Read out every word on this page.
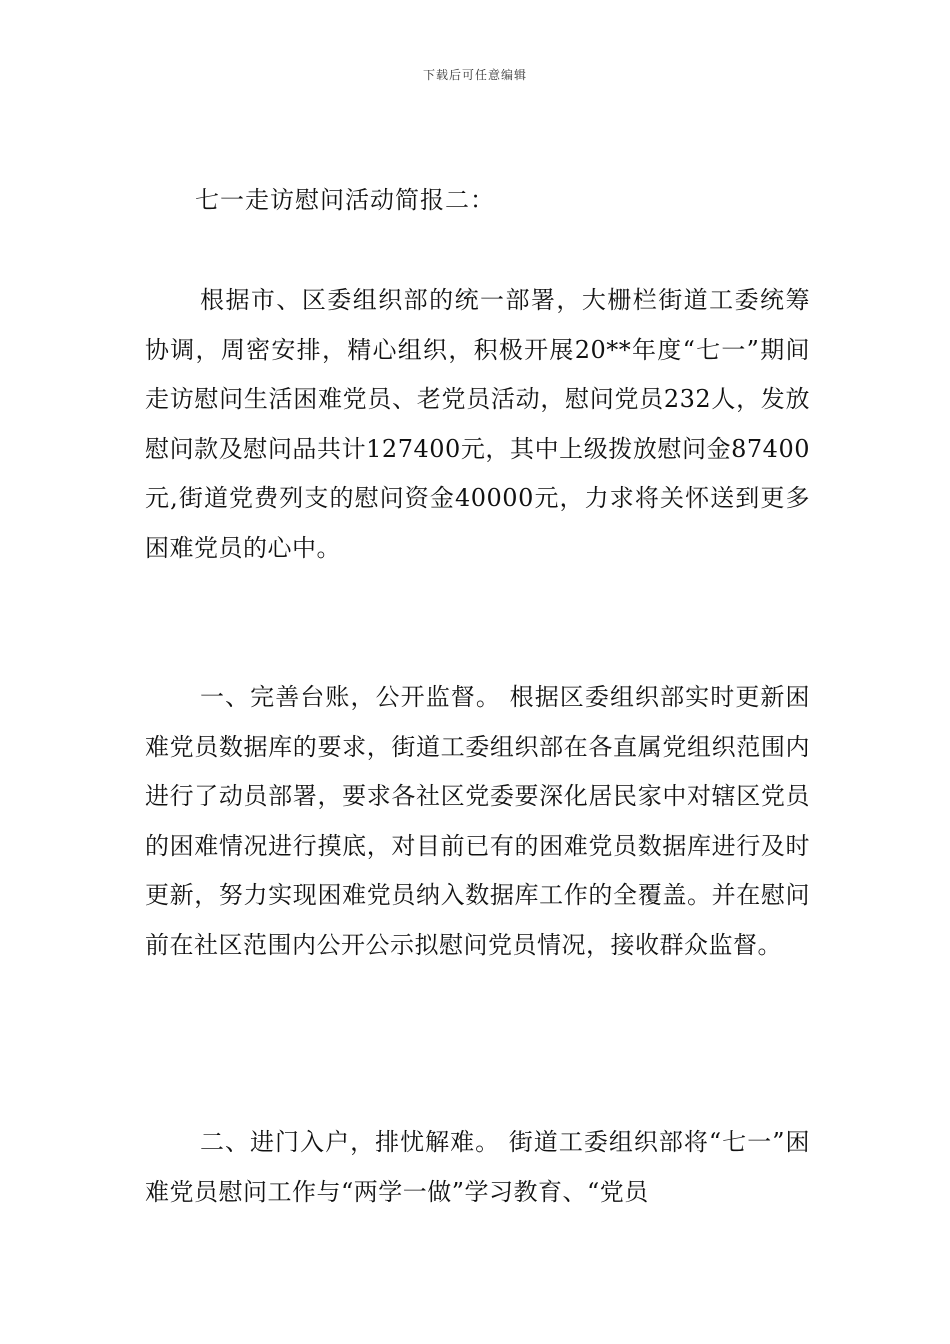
下载后可任意编辑
七一走访慰问活动简报二：

根据市、区委组织部的统一部署，大栅栏街道工委统筹协调，周密安排，精心组织，积极开展20**年度“七一”期间走访慰问生活困难党员、老党员活动，慰问党员232人，发放慰问款及慰问品共计127400元，其中上级拨放慰问金87400元,街道党费列支的慰问资金40000元，力求将关怀送到更多困难党员的心中。

一、完善台账，公开监督。 根据区委组织部实时更新困难党员数据库的要求，街道工委组织部在各直属党组织范围内进行了动员部署，要求各社区党委要深化居民家中对辖区党员的困难情况进行摸底，对目前已有的困难党员数据库进行及时更新，努力实现困难党员纳入数据库工作的全覆盖。并在慰问前在社区范围内公开公示拟慰问党员情况，接收群众监督。

二、进门入户，排忧解难。 街道工委组织部将“七一”困难党员慰问工作与“两学一做”学习教育、“党员
